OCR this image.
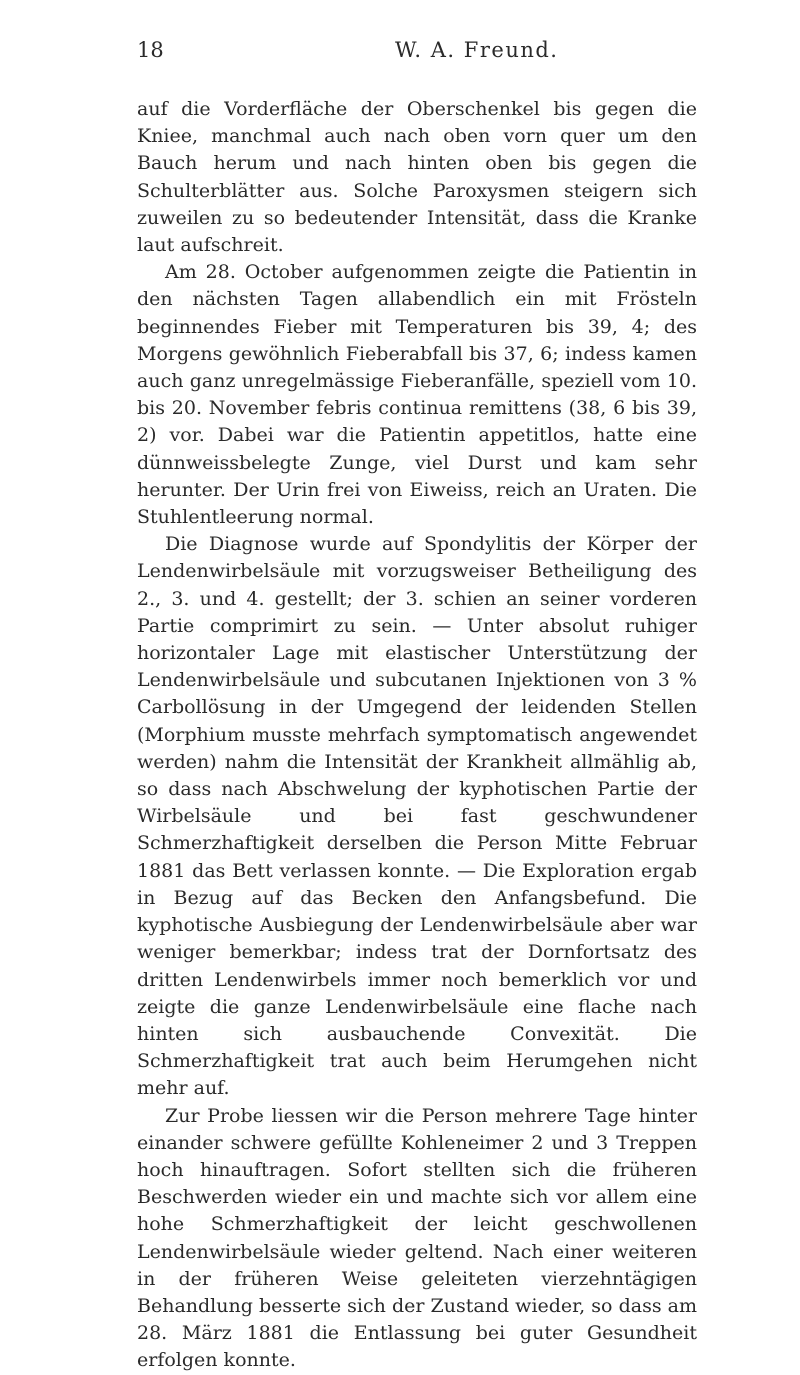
18	W. A. Freund.

auf die Vorderfläche der Oberschenkel bis gegen die Kniee, manchmal auch nach oben vorn quer um den Bauch herum und nach hinten oben bis gegen die Schulterblätter aus. Solche Paroxysmen steigern sich zuweilen zu so bedeutender Intensität, dass die Kranke laut aufschreit.

Am 28. October aufgenommen zeigte die Patientin in den nächsten Tagen allabendlich ein mit Frösteln beginnendes Fieber mit Temperaturen bis 39, 4; des Morgens gewöhnlich Fieberabfall bis 37, 6; indess kamen auch ganz unregelmässige Fieberanfälle, speziell vom 10. bis 20. November febris continua remittens (38, 6 bis 39, 2) vor. Dabei war die Patientin appetitlos, hatte eine dünnweissbelegte Zunge, viel Durst und kam sehr herunter. Der Urin frei von Eiweiss, reich an Uraten. Die Stuhlentleerung normal.

Die Diagnose wurde auf Spondylitis der Körper der Lendenwirbelsäule mit vorzugsweiser Betheiligung des 2., 3. und 4. gestellt; der 3. schien an seiner vorderen Partie comprimirt zu sein. — Unter absolut ruhiger horizontaler Lage mit elastischer Unterstützung der Lendenwirbelsäule und subcutanen Injektionen von 3 % Carbollösung in der Umgegend der leidenden Stellen (Morphium musste mehrfach symptomatisch angewendet werden) nahm die Intensität der Krankheit allmählig ab, so dass nach Abschwelung der kyphotischen Partie der Wirbelsäule und bei fast geschwundener Schmerzhaftigkeit derselben die Person Mitte Februar 1881 das Bett verlassen konnte. — Die Exploration ergab in Bezug auf das Becken den Anfangsbefund. Die kyphotische Ausbiegung der Lendenwirbelsäule aber war weniger bemerkbar; indess trat der Dornfortsatz des dritten Lendenwirbels immer noch bemerklich vor und zeigte die ganze Lendenwirbelsäule eine flache nach hinten sich ausbauchende Convexität. Die Schmerzhaftigkeit trat auch beim Herumgehen nicht mehr auf.

Zur Probe liessen wir die Person mehrere Tage hinter einander schwere gefüllte Kohleneimer 2 und 3 Treppen hoch hinauftragen. Sofort stellten sich die früheren Beschwerden wieder ein und machte sich vor allem eine hohe Schmerzhaftigkeit der leicht geschwollenen Lendenwirbelsäule wieder geltend. Nach einer weiteren in der früheren Weise geleiteten vierzehntägigen Behandlung besserte sich der Zustand wieder, so dass am 28. März 1881 die Entlassung bei guter Gesundheit erfolgen konnte.
